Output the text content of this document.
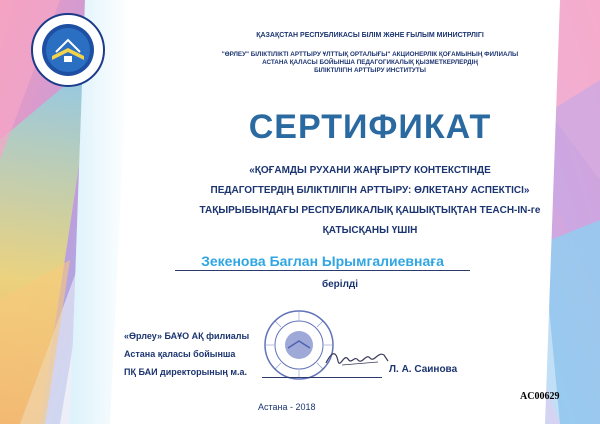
ҚАЗАҚСТАН РЕСПУБЛИКАСЫ БІЛІМ ЖӘНЕ ҒЫЛЫМ МИНИСТРЛІГІ
"ӨРЛЕУ" БІЛІКТІЛІКТІ АРТТЫРУ ҰЛТТЫҚ ОРТАЛЫҒЫ" АКЦИОНЕРЛІК ҚОҒАМЫНЫҢ ФИЛИАЛЫ
АСТАНА ҚАЛАСЫ БОЙЫНША ПЕДАГОГИКАЛЫҚ ҚЫЗМЕТКЕРЛЕРДІҢ
БІЛІКТІЛІГІН АРТТЫРУ ИНСТИТУТЫ
СЕРТИФИКАТ
«ҚОҒАМДЫ РУХАНИ ЖАҢҒЫРТУ КОНТЕКСТІНДЕ
ПЕДАГОГТЕРДІҢ БІЛІКТІЛІГІН АРТТЫРУ: ӨЛКЕТАНУ АСПЕКТІСІ»
ТАҚЫРЫБЫНДАҒЫ РЕСПУБЛИКАЛЫҚ ҚАШЫҚТЫҚТАН TEACH-IN-ге
ҚАТЫСҚАНЫ ҮШІН
Зекенова Баглан Ырымгалиевнаға
берілді
«Өрлеу» БАҰО АҚ филиалы
Астана қаласы бойынша
ПҚ БАИ директорының м.а.	Л. А. Саинова
AC00629
Астана - 2018
